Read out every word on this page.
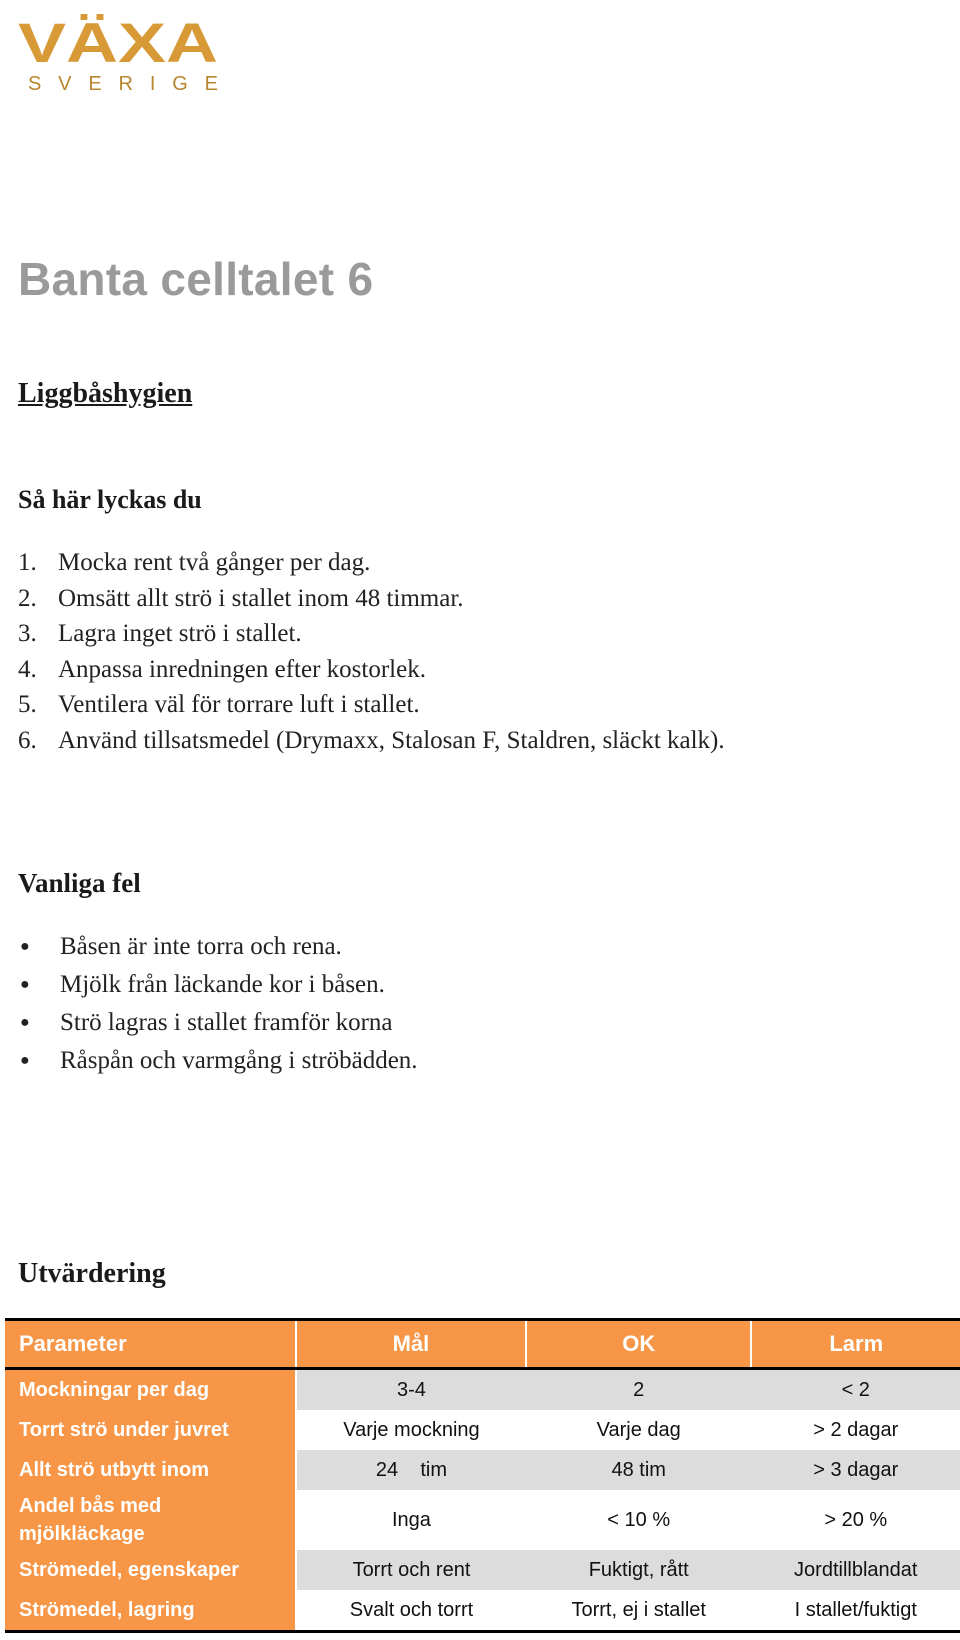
VÄXA
SVERIGE
Banta celltalet 6
Liggbåshygien
Så här lyckas du
1. Mocka rent två gånger per dag.
2. Omsätt allt strö i stallet inom 48 timmar.
3. Lagra inget strö i stallet.
4. Anpassa inredningen efter kostorlek.
5. Ventilera väl för torrare luft i stallet.
6. Använd tillsatsmedel (Drymaxx, Stalosan F, Staldren, släckt kalk).
Vanliga fel
●	Båsen är inte torra och rena.
●	Mjölk från läckande kor i båsen.
●	Strö lagras i stallet framför korna
●	Råspån och varmgång i ströbädden.
Utvärdering
Parameter	Mål	OK	Larm
Mockningar per dag	3-4	2	< 2
Torrt strö under juvret	Varje mockning	Varje dag	> 2 dagar
Allt strö utbytt inom	24    tim	48 tim	> 3 dagar
Andel bås med mjölkläckage	Inga	< 10 %	> 20 %
Strömedel, egenskaper	Torrt och rent	Fuktigt, rått	Jordtillblandat
Strömedel, lagring	Svalt och torrt	Torrt, ej i stallet	I stallet/fuktigt
